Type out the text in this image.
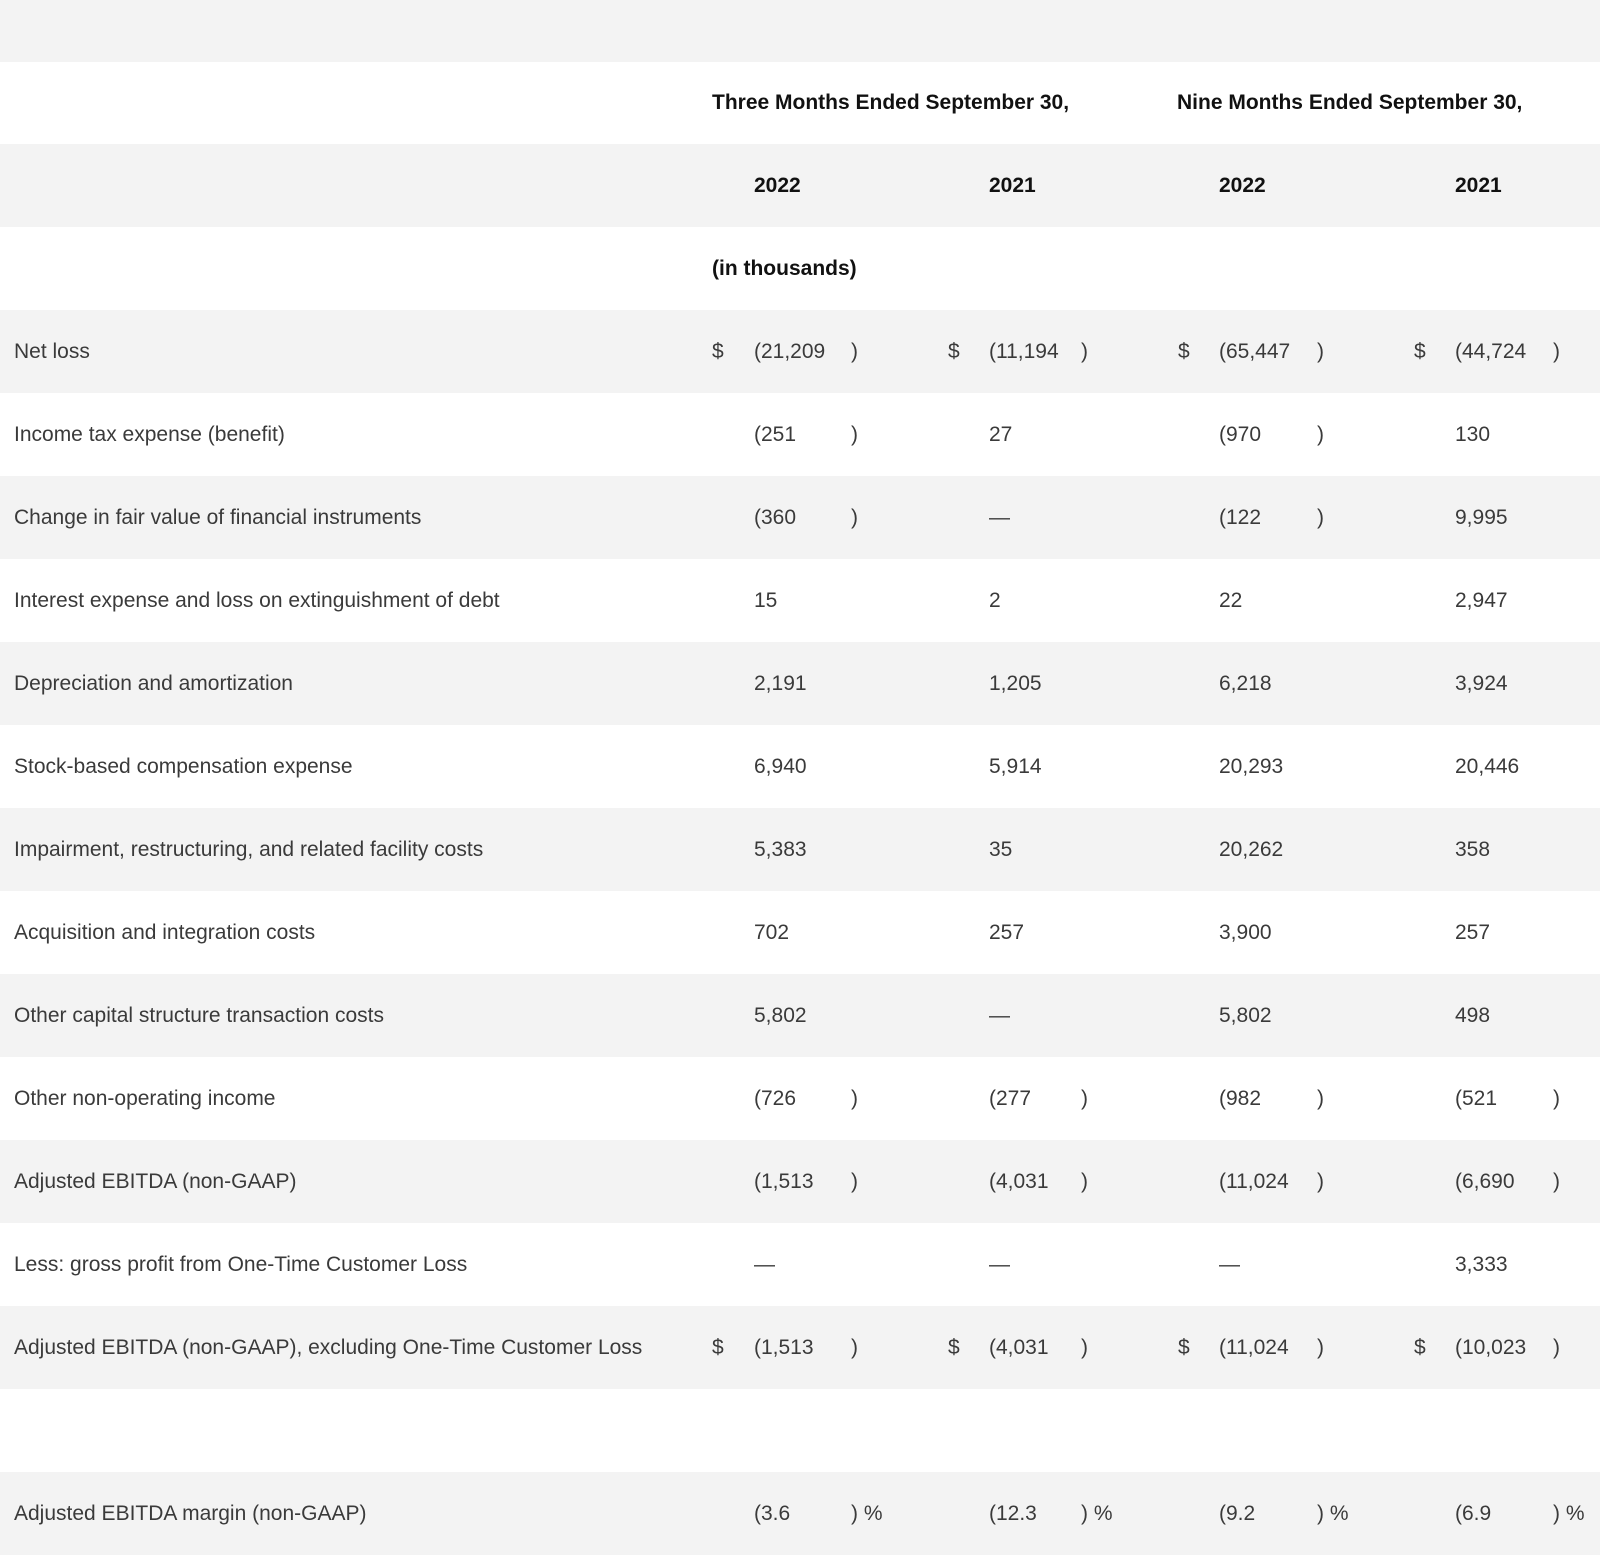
Three Months Ended September 30,	Nine Months Ended September 30,
2022	2021	2022	2021
(in thousands)
Net loss	$ (21,209 )	$ (11,194 )	$ (65,447 )	$ (44,724 )
Income tax expense (benefit)	(251	)	27	(970	)	130
Change in fair value of financial instruments	(360	)	—	(122	)	9,995
Interest expense and loss on extinguishment of debt	15	2	22	2,947
Depreciation and amortization	2,191	1,205	6,218	3,924
Stock-based compensation expense	6,940	5,914	20,293	20,446
Impairment, restructuring, and related facility costs	5,383	35	20,262	358
Acquisition and integration costs	702	257	3,900	257
Other capital structure transaction costs	5,802	—	5,802	498
Other non-operating income	(726	)	(277 )	(982	)	(521	)
Adjusted EBITDA (non-GAAP)	(1,513 )	(4,031 )	(11,024 )	(6,690 )
Less: gross profit from One-Time Customer Loss	—	—	—	3,333
Adjusted EBITDA (non-GAAP), excluding One-Time Customer Loss	$ (1,513 )	$ (4,031 )	$ (11,024 )	$ (10,023 )
Adjusted EBITDA margin (non-GAAP)	(3.6	) %	(12.3 ) %	(9.2	) %	(6.9	) %
